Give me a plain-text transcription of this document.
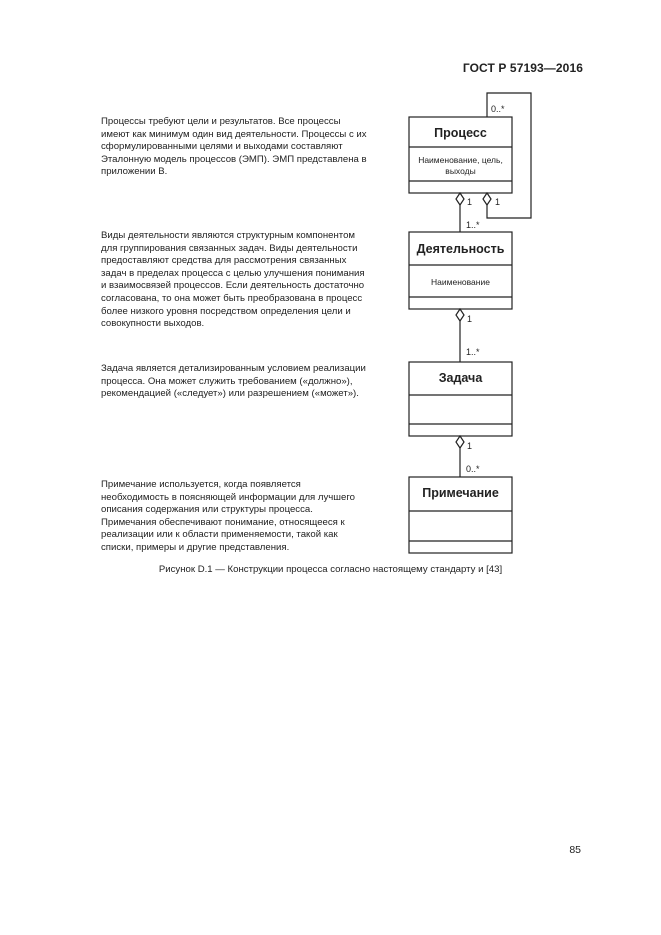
ГОСТ Р 57193—2016

Процессы требуют цели и результатов. Все процессы имеют как минимум один вид деятельности. Процессы с их сформулированными целями и выходами составляют Эталонную модель процессов (ЭМП). ЭМП представлена в приложении В.

Виды деятельности являются структурным компонентом для группирования связанных задач. Виды деятельности предоставляют средства для рассмотрения связанных задач в пределах процесса с целью улучшения понимания и взаимосвязей процессов. Если деятельность достаточно согласована, то она может быть преобразована в процесс более низкого уровня посредством определения цели и совокупности выходов.

Задача является детализированным условием реализации процесса. Она может служить требованием («должно»), рекомендацией («следует») или разрешением («может»).

Примечание используется, когда появляется необходимость в поясняющей информации для лучшего описания содержания или структуры процесса. Примечания обеспечивают понимание, относящееся к реализации или к области применяемости, такой как списки, примеры и другие представления.

Процесс
Наименование, цель,
выходы
Деятельность
Наименование
Задача
Примечание
0..*
1	1
1..*
1
1..*
1
0..*
Рисунок D.1 — Конструкции процесса согласно настоящему стандарту и [43]
85
